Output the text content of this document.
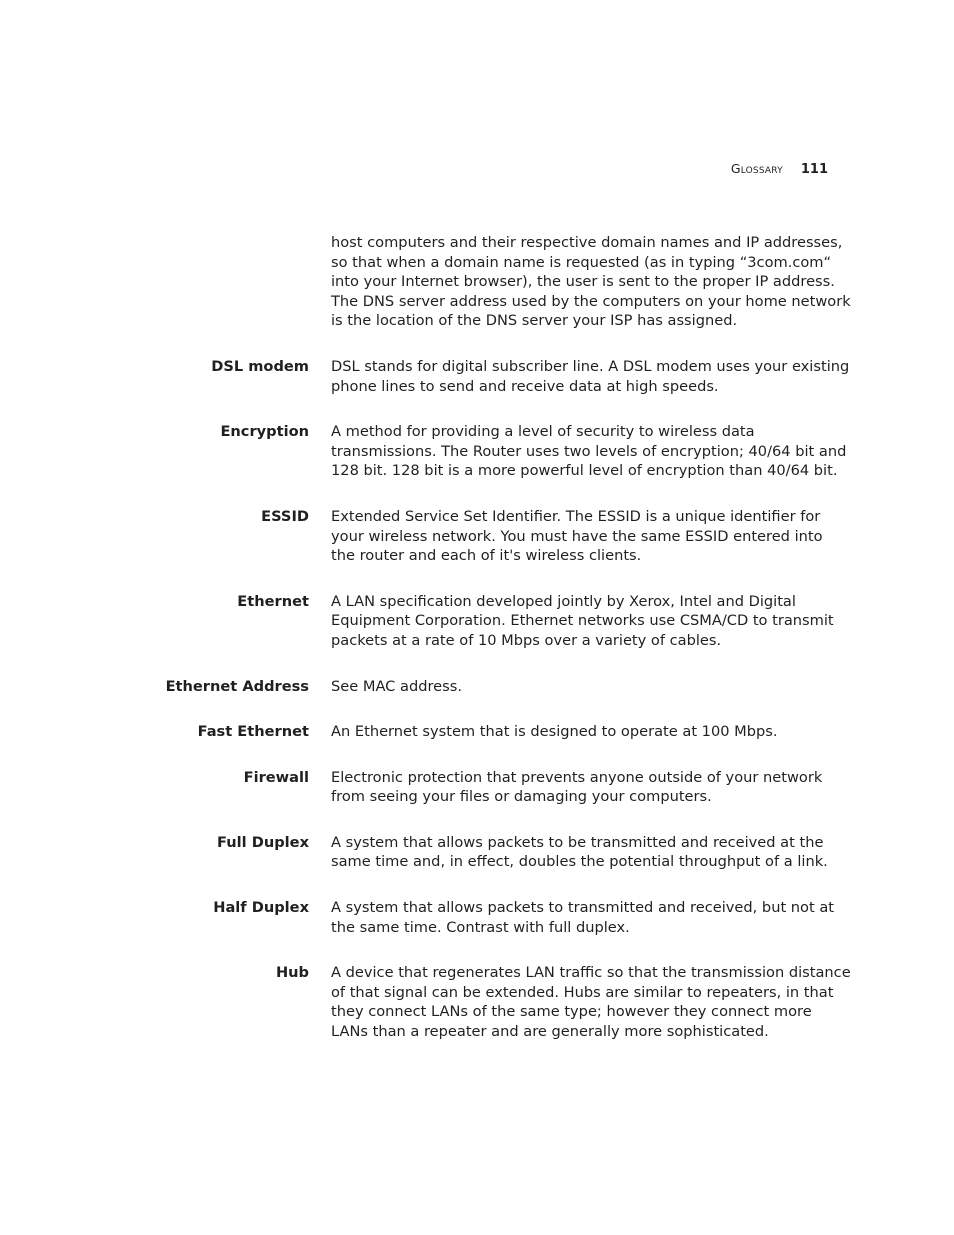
Glossary 111
host computers and their respective domain names and IP addresses, so that when a domain name is requested (as in typing “3com.com“ into your Internet browser), the user is sent to the proper IP address. The DNS server address used by the computers on your home network is the location of the DNS server your ISP has assigned.
DSL modem DSL stands for digital subscriber line. A DSL modem uses your existing phone lines to send and receive data at high speeds.
Encryption A method for providing a level of security to wireless data transmissions. The Router uses two levels of encryption; 40/64 bit and 128 bit. 128 bit is a more powerful level of encryption than 40/64 bit.
ESSID Extended Service Set Identifier. The ESSID is a unique identifier for your wireless network. You must have the same ESSID entered into the router and each of it's wireless clients.
Ethernet A LAN specification developed jointly by Xerox, Intel and Digital Equipment Corporation. Ethernet networks use CSMA/CD to transmit packets at a rate of 10 Mbps over a variety of cables.
Ethernet Address See MAC address.
Fast Ethernet An Ethernet system that is designed to operate at 100 Mbps.
Firewall Electronic protection that prevents anyone outside of your network from seeing your files or damaging your computers.
Full Duplex A system that allows packets to be transmitted and received at the same time and, in effect, doubles the potential throughput of a link.
Half Duplex A system that allows packets to transmitted and received, but not at the same time. Contrast with full duplex.
Hub A device that regenerates LAN traffic so that the transmission distance of that signal can be extended. Hubs are similar to repeaters, in that they connect LANs of the same type; however they connect more LANs than a repeater and are generally more sophisticated.
